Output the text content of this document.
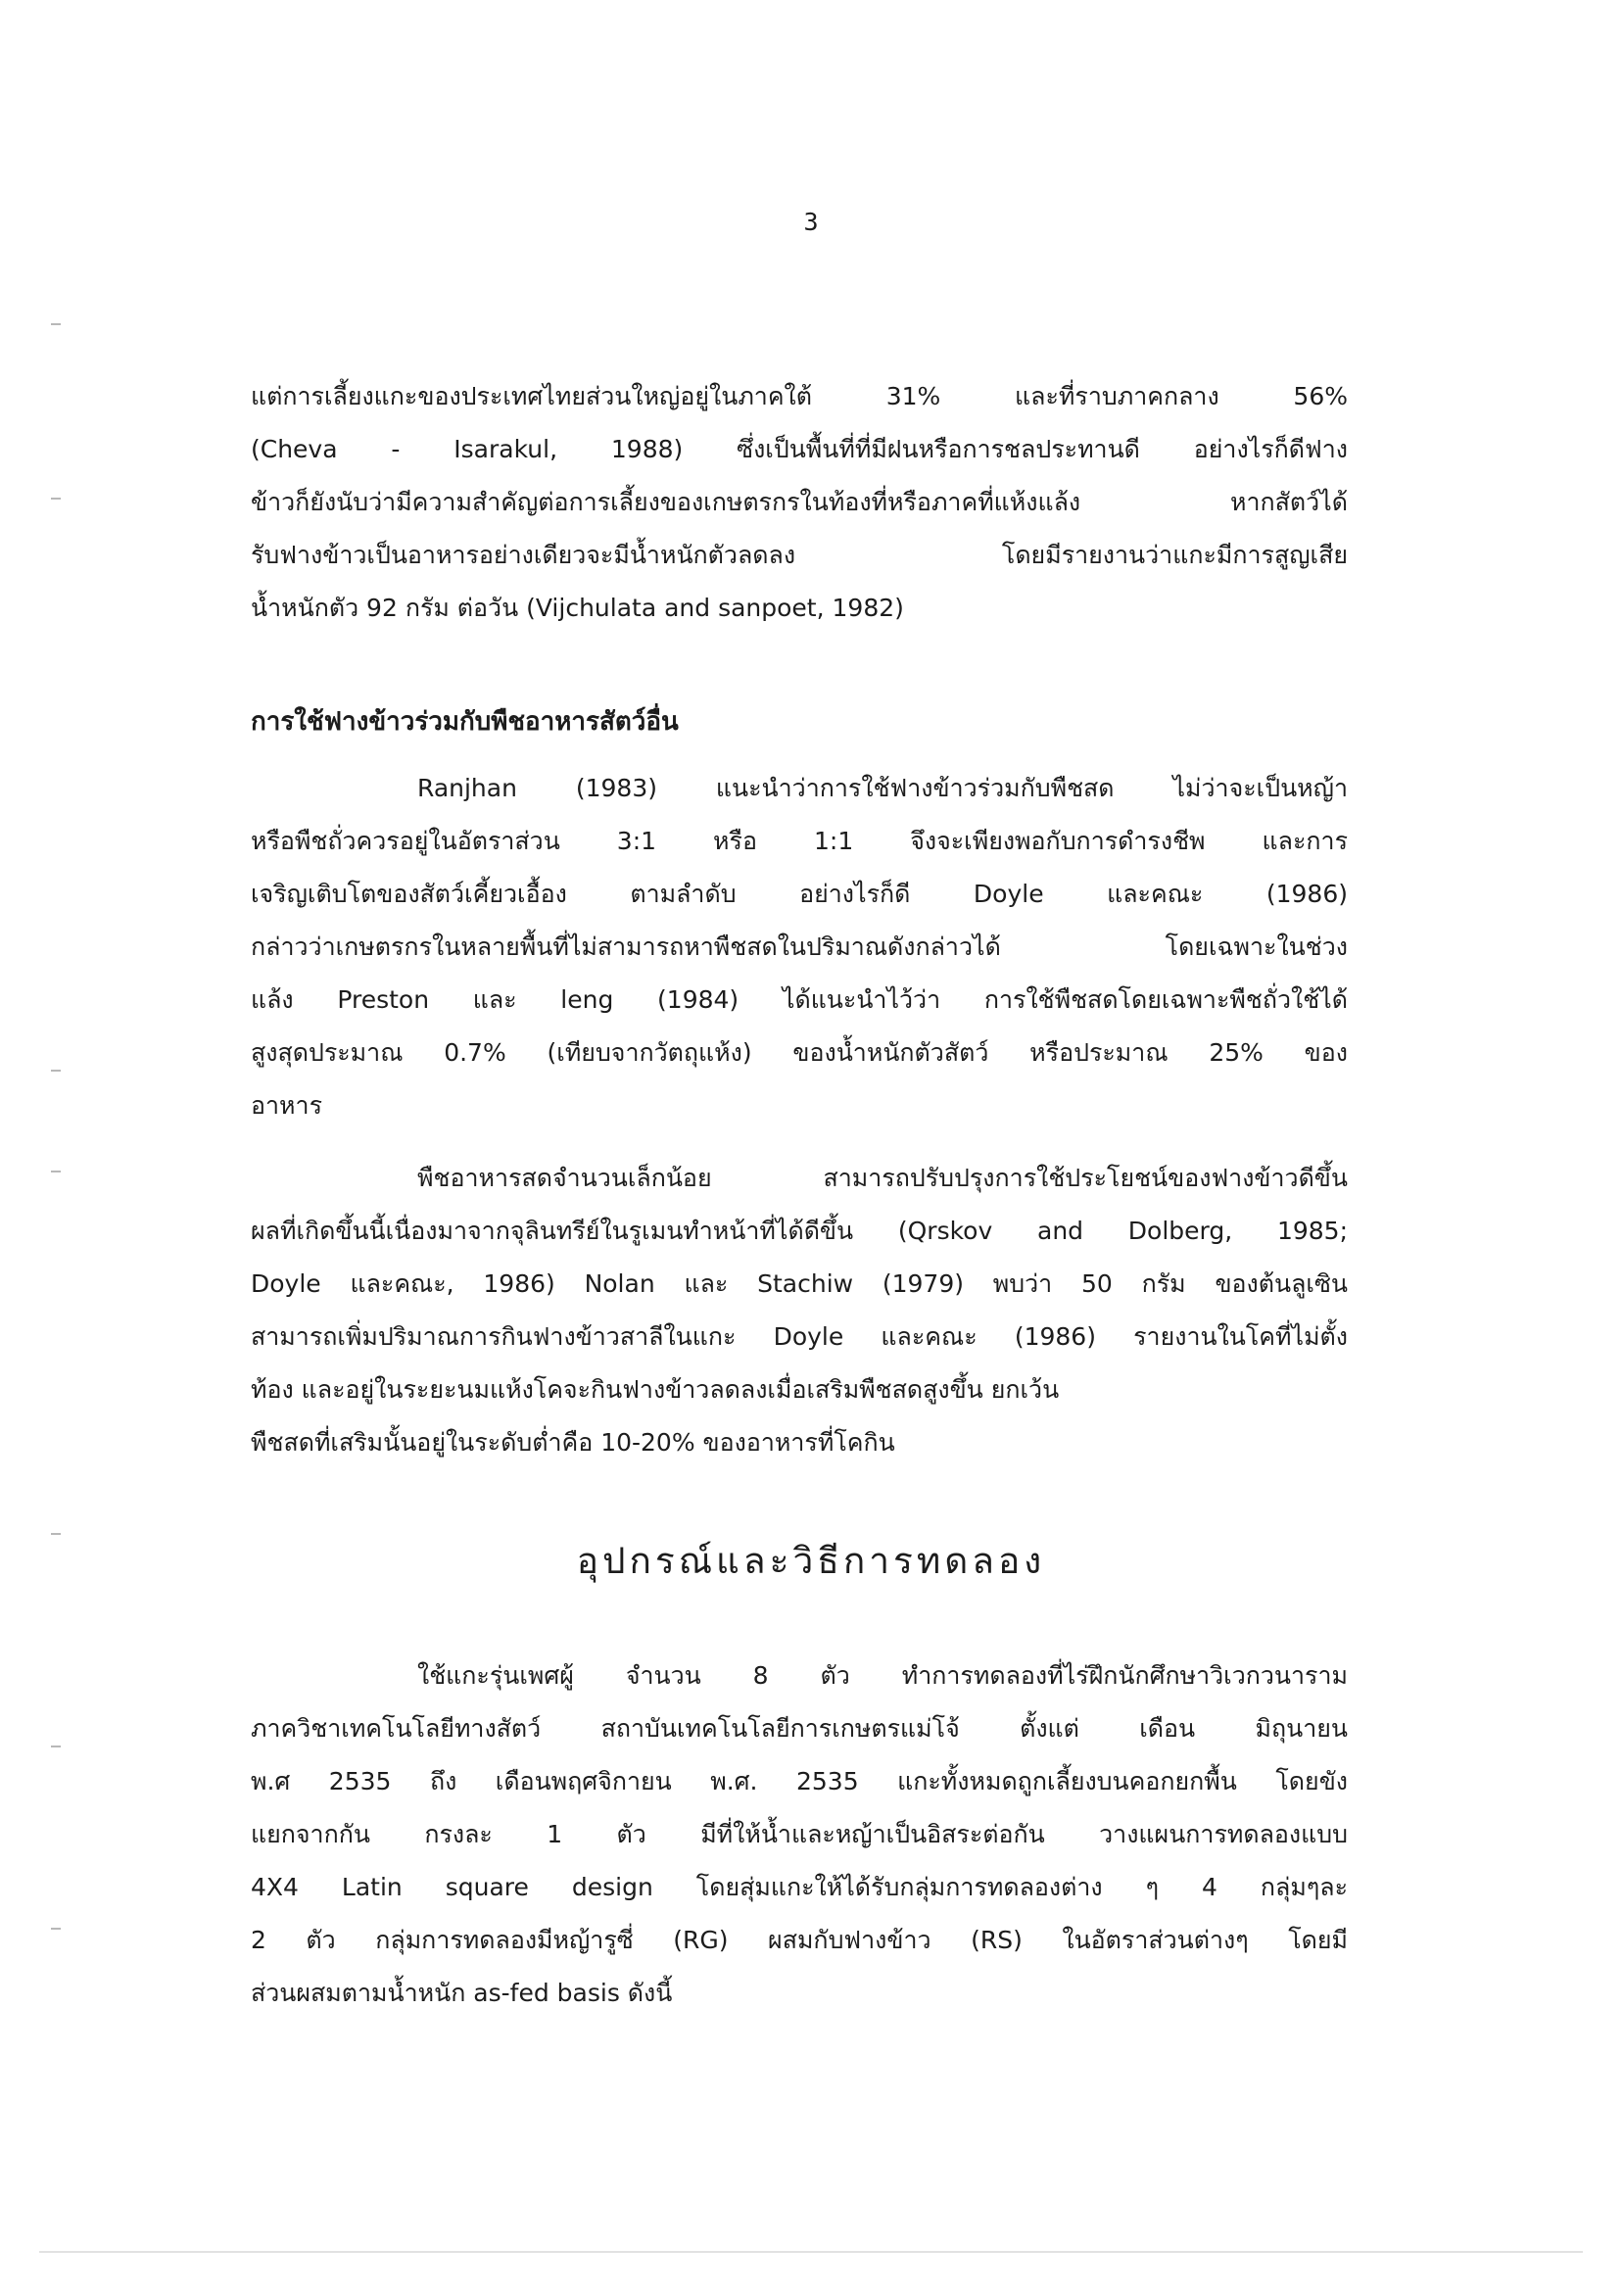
3
แต่การเลี้ยงแกะของประเทศไทยส่วนใหญ่อยู่ในภาคใต้ 31% และที่ราบภาคกลาง 56%
(Cheva - Isarakul, 1988) ซึ่งเป็นพื้นที่ที่มีฝนหรือการชลประทานดี อย่างไรก็ดีฟาง
ข้าวก็ยังนับว่ามีความสำคัญต่อการเลี้ยงของเกษตรกรในท้องที่หรือภาคที่แห้งแล้ง หากสัตว์ได้
รับฟางข้าวเป็นอาหารอย่างเดียวจะมีน้ำหนักตัวลดลง โดยมีรายงานว่าแกะมีการสูญเสีย
น้ำหนักตัว 92 กรัม ต่อวัน (Vijchulata and sanpoet, 1982)
การใช้ฟางข้าวร่วมกับพืชอาหารสัตว์อื่น
Ranjhan (1983) แนะนำว่าการใช้ฟางข้าวร่วมกับพืชสด ไม่ว่าจะเป็นหญ้า
หรือพืชถั่วควรอยู่ในอัตราส่วน 3:1 หรือ 1:1 จึงจะเพียงพอกับการดำรงชีพ และการ
เจริญเติบโตของสัตว์เคี้ยวเอื้อง ตามลำดับ อย่างไรก็ดี Doyle และคณะ (1986)
กล่าวว่าเกษตรกรในหลายพื้นที่ไม่สามารถหาพืชสดในปริมาณดังกล่าวได้ โดยเฉพาะในช่วง
แล้ง Preston และ leng (1984) ได้แนะนำไว้ว่า การใช้พืชสดโดยเฉพาะพืชถั่วใช้ได้
สูงสุดประมาณ 0.7% (เทียบจากวัตถุแห้ง) ของน้ำหนักตัวสัตว์ หรือประมาณ 25% ของ
อาหาร
พืชอาหารสดจำนวนเล็กน้อย สามารถปรับปรุงการใช้ประโยชน์ของฟางข้าวดีขึ้น
ผลที่เกิดขึ้นนี้เนื่องมาจากจุลินทรีย์ในรูเมนทำหน้าที่ได้ดีขึ้น (Qrskov and Dolberg, 1985;
Doyle และคณะ, 1986) Nolan และ Stachiw (1979) พบว่า 50 กรัม ของต้นลูเซิน
สามารถเพิ่มปริมาณการกินฟางข้าวสาลีในแกะ Doyle และคณะ (1986) รายงานในโคที่ไม่ตั้ง
ท้อง และอยู่ในระยะนมแห้งโคจะกินฟางข้าวลดลงเมื่อเสริมพืชสดสูงขึ้น ยกเว้น
พืชสดที่เสริมนั้นอยู่ในระดับต่ำคือ 10-20% ของอาหารที่โคกิน
อุปกรณ์และวิธีการทดลอง
ใช้แกะรุ่นเพศผู้ จำนวน 8 ตัว ทำการทดลองที่ไร่ฝึกนักศึกษาวิเวกวนาราม
ภาควิชาเทคโนโลยีทางสัตว์ สถาบันเทคโนโลยีการเกษตรแม่โจ้ ตั้งแต่ เดือน มิถุนายน
พ.ศ 2535 ถึง เดือนพฤศจิกายน พ.ศ. 2535 แกะทั้งหมดถูกเลี้ยงบนคอกยกพื้น โดยขัง
แยกจากกัน กรงละ 1 ตัว มีที่ให้น้ำและหญ้าเป็นอิสระต่อกัน วางแผนการทดลองแบบ
4X4 Latin square design โดยสุ่มแกะให้ได้รับกลุ่มการทดลองต่าง ๆ 4 กลุ่มๆละ
2 ตัว กลุ่มการทดลองมีหญ้ารูซี่ (RG) ผสมกับฟางข้าว (RS) ในอัตราส่วนต่างๆ โดยมี
ส่วนผสมตามน้ำหนัก as-fed basis ดังนี้
